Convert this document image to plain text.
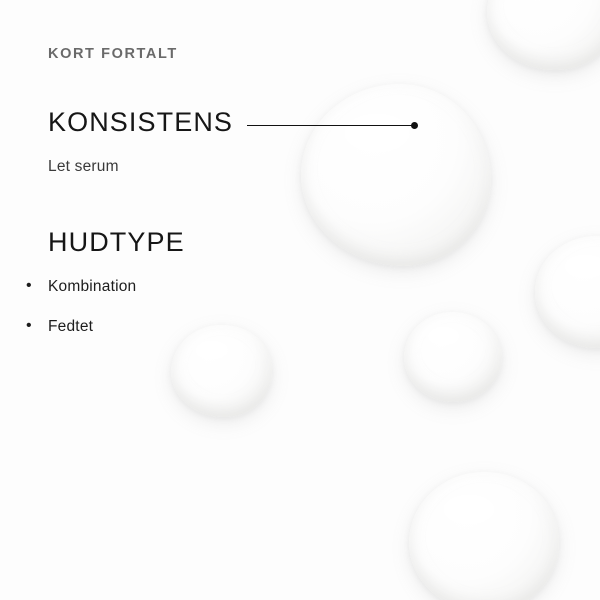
KORT FORTALT
KONSISTENS
Let serum
HUDTYPE
• Kombination
• Fedtet
